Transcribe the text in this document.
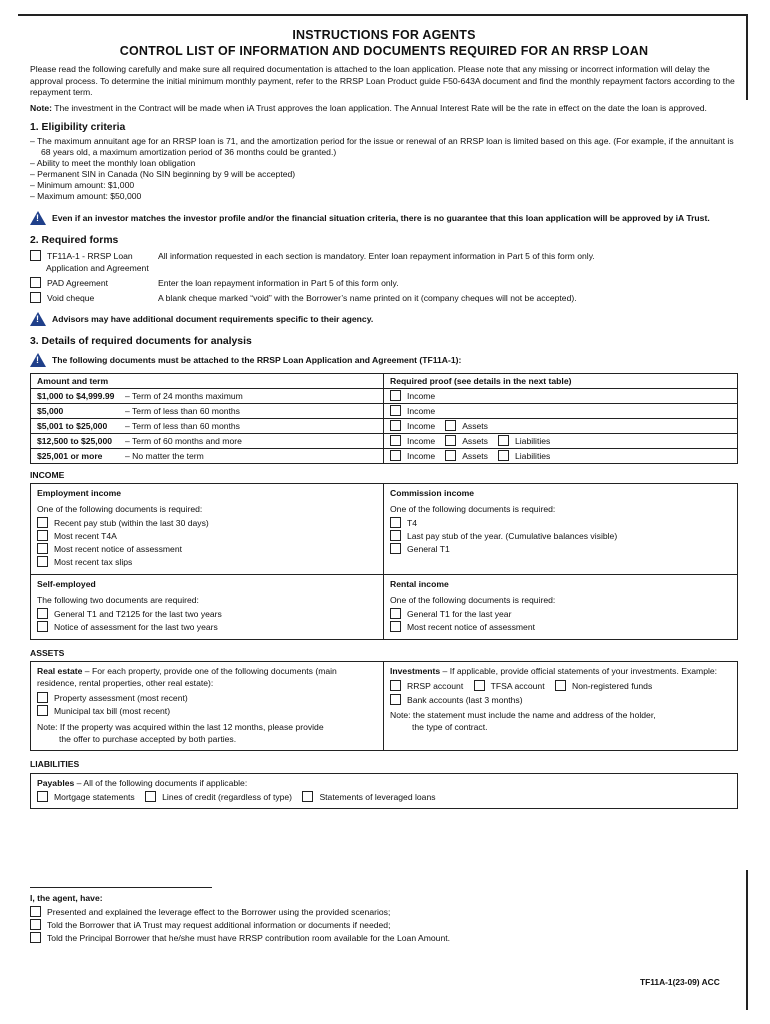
INSTRUCTIONS FOR AGENTS
CONTROL LIST OF INFORMATION AND DOCUMENTS REQUIRED FOR AN RRSP LOAN
Please read the following carefully and make sure all required documentation is attached to the loan application. Please note that any missing or incorrect information will delay the approval process. To determine the initial minimum monthly payment, refer to the RRSP Loan Product guide F50-643A document and find the monthly repayment factors according to the repayment term.
Note: The investment in the Contract will be made when iA Trust approves the loan application. The Annual Interest Rate will be the rate in effect on the date the loan is approved.
1. Eligibility criteria
– The maximum annuitant age for an RRSP loan is 71, and the amortization period for the issue or renewal of an RRSP loan is limited based on this age. (For example, if the annuitant is 68 years old, a maximum amortization period of 36 months could be granted.)
– Ability to meet the monthly loan obligation
– Permanent SIN in Canada (No SIN beginning by 9 will be accepted)
– Minimum amount: $1,000
– Maximum amount: $50,000
! Even if an investor matches the investor profile and/or the financial situation criteria, there is no guarantee that this loan application will be approved by iA Trust.
2. Required forms
TF11A-1 - RRSP Loan
Application and Agreement
All information requested in each section is mandatory. Enter loan repayment information in Part 5 of this form only.
PAD Agreement	Enter the loan repayment information in Part 5 of this form only.
Void cheque	A blank cheque marked “void” with the Borrower’s name printed on it (company cheques will not be accepted).
! Advisors may have additional document requirements specific to their agency.
3. Details of required documents for analysis
! The following documents must be attached to the RRSP Loan Application and Agreement (TF11A-1):
Amount and term	Required proof (see details in the next table)
$1,000 to $4,999.99	– Term of 24 months maximum	Income
$5,000	– Term of less than 60 months	Income
$5,001 to $25,000	– Term of less than 60 months	Income	Assets
$12,500 to $25,000	– Term of 60 months and more	Income	Assets	Liabilities
$25,001 or more	– No matter the term	Income	Assets	Liabilities
INCOME
Employment income
One of the following documents is required:
Recent pay stub (within the last 30 days)
Most recent T4A
Most recent notice of assessment
Most recent tax slips
Commission income
One of the following documents is required:
T4
Last pay stub of the year. (Cumulative balances visible)
General T1
Self-employed
The following two documents are required:
General T1 and T2125 for the last two years
Notice of assessment for the last two years
Rental income
One of the following documents is required:
General T1 for the last year
Most recent notice of assessment
ASSETS
Real estate – For each property, provide one of the following documents (main residence, rental properties, other real estate):
Property assessment (most recent)
Municipal tax bill (most recent)
Note: If the property was acquired within the last 12 months, please provide
the offer to purchase accepted by both parties.
Investments – If applicable, provide official statements of your investments. Example:
RRSP account	TFSA account	Non-registered funds
Bank accounts (last 3 months)
Note: the statement must include the name and address of the holder,
the type of contract.
LIABILITIES
Payables – All of the following documents if applicable:
Mortgage statements	Lines of credit (regardless of type)	Statements of leveraged loans
I, the agent, have:
Presented and explained the leverage effect to the Borrower using the provided scenarios;
Told the Borrower that iA Trust may request additional information or documents if needed;
Told the Principal Borrower that he/she must have RRSP contribution room available for the Loan Amount.
TF11A-1(23-09) ACC
